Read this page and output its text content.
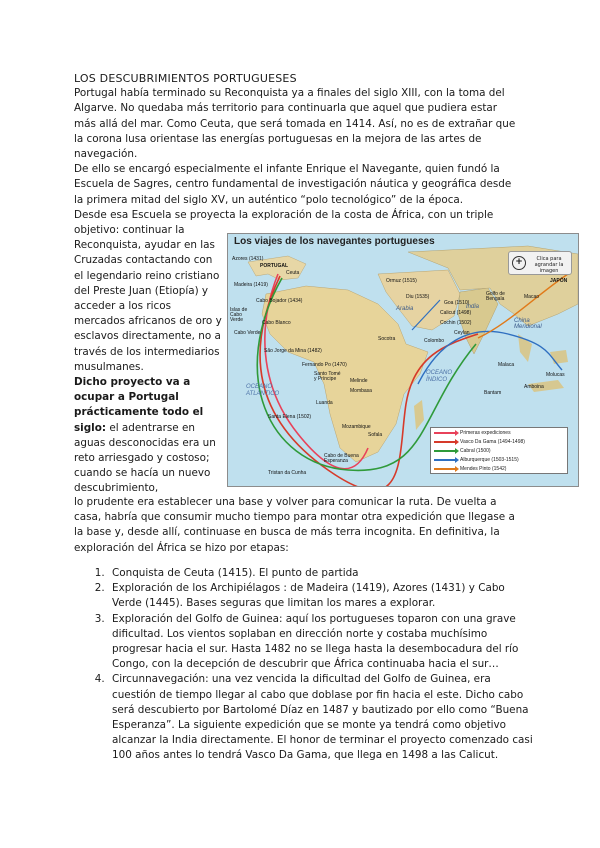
LOS DESCUBRIMIENTOS PORTUGUESES

Portugal había terminado su Reconquista ya a finales del siglo XIII, con la toma del Algarve. No quedaba más territorio para continuarla que aquel que pudiera estar más allá del mar. Como Ceuta, que será tomada en 1414. Así, no es de extrañar que la corona lusa orientase las energías portuguesas en la mejora de las artes de navegación.

De ello se encargó especialmente el infante Enrique el Navegante, quien fundó la Escuela de Sagres, centro fundamental de investigación náutica y geográfica desde la primera mitad del siglo XV, un auténtico “polo tecnológico” de la época.

Desde esa Escuela se proyecta la exploración de la costa de África, con un triple

objetivo: continuar la Reconquista, ayudar en las Cruzadas contactando con el legendario reino cristiano del Preste Juan (Etiopía) y acceder a los ricos mercados africanos de oro y esclavos directamente, no a través de los intermediarios musulmanes.

Dicho proyecto va a ocupar a Portugal prácticamente todo el siglo: el adentrarse en aguas desconocidas era un reto arriesgado y costoso; cuando se hacía un nuevo descubrimiento,

Los viajes de los navegantes portugueses
+	Clica para agrandar la imagen
Azores (1431)
PORTUGAL
Ceuta
Madeira (1419)
Cabo Bojador (1434)
Islas de Cabo Verde	Cabo Blanco
Cabo Verde
São Jorge da Mina (1482)
Fernando Po (1470)
Santo Tomé y Príncipe
OCEANO ATLÁNTICO
Santa Elena (1502)
Luanda
Melinde
Mombasa
Mozambique
Sofala
Cabo de Buena Esperanza
Tristan da Cunha
Ormuz (1515)
Diu (1535)
Goa (1510)
Calicut (1498)
Cochin (1502)
Ceylan
Colombo
Socotra
Arabia	India
Golfo de Bengala
China Meridional
Macao
JAPÓN
Malaca
Molucas
Amboina
Bantam
OCEANO ÍNDICO
Primeras expediciones
Vasco Da Gama (1494-1498)
Cabral (1500)
Alburquerque (1503-1515)
Mendes Pinto (1542)

lo prudente era establecer una base y volver para comunicar la ruta. De vuelta a casa, habría que consumir mucho tiempo para montar otra expedición que llegase a la base y, desde allí, continuase en busca de más terra incognita. En definitiva, la exploración del África se hizo por etapas:

1. Conquista de Ceuta (1415). El punto de partida
2. Exploración de los Archipiélagos : de Madeira (1419), Azores (1431) y Cabo Verde (1445). Bases seguras que limitan los mares a explorar.
3. Exploración del Golfo de Guinea: aquí los portugueses toparon con una grave dificultad. Los vientos soplaban en dirección norte y costaba muchísimo progresar hacia el sur. Hasta 1482 no se llega hasta la desembocadura del río Congo, con la decepción de descubrir que África continuaba hacia el sur…
4. Circunnavegación: una vez vencida la dificultad del Golfo de Guinea, era cuestión de tiempo llegar al cabo que doblase por fin hacia el este. Dicho cabo será descubierto por Bartolomé Díaz en 1487 y bautizado por ello como “Buena Esperanza”. La siguiente expedición que se monte ya tendrá como objetivo alcanzar la India directamente. El honor de terminar el proyecto comenzado casi 100 años antes lo tendrá Vasco Da Gama, que llega en 1498 a las Calicut.
